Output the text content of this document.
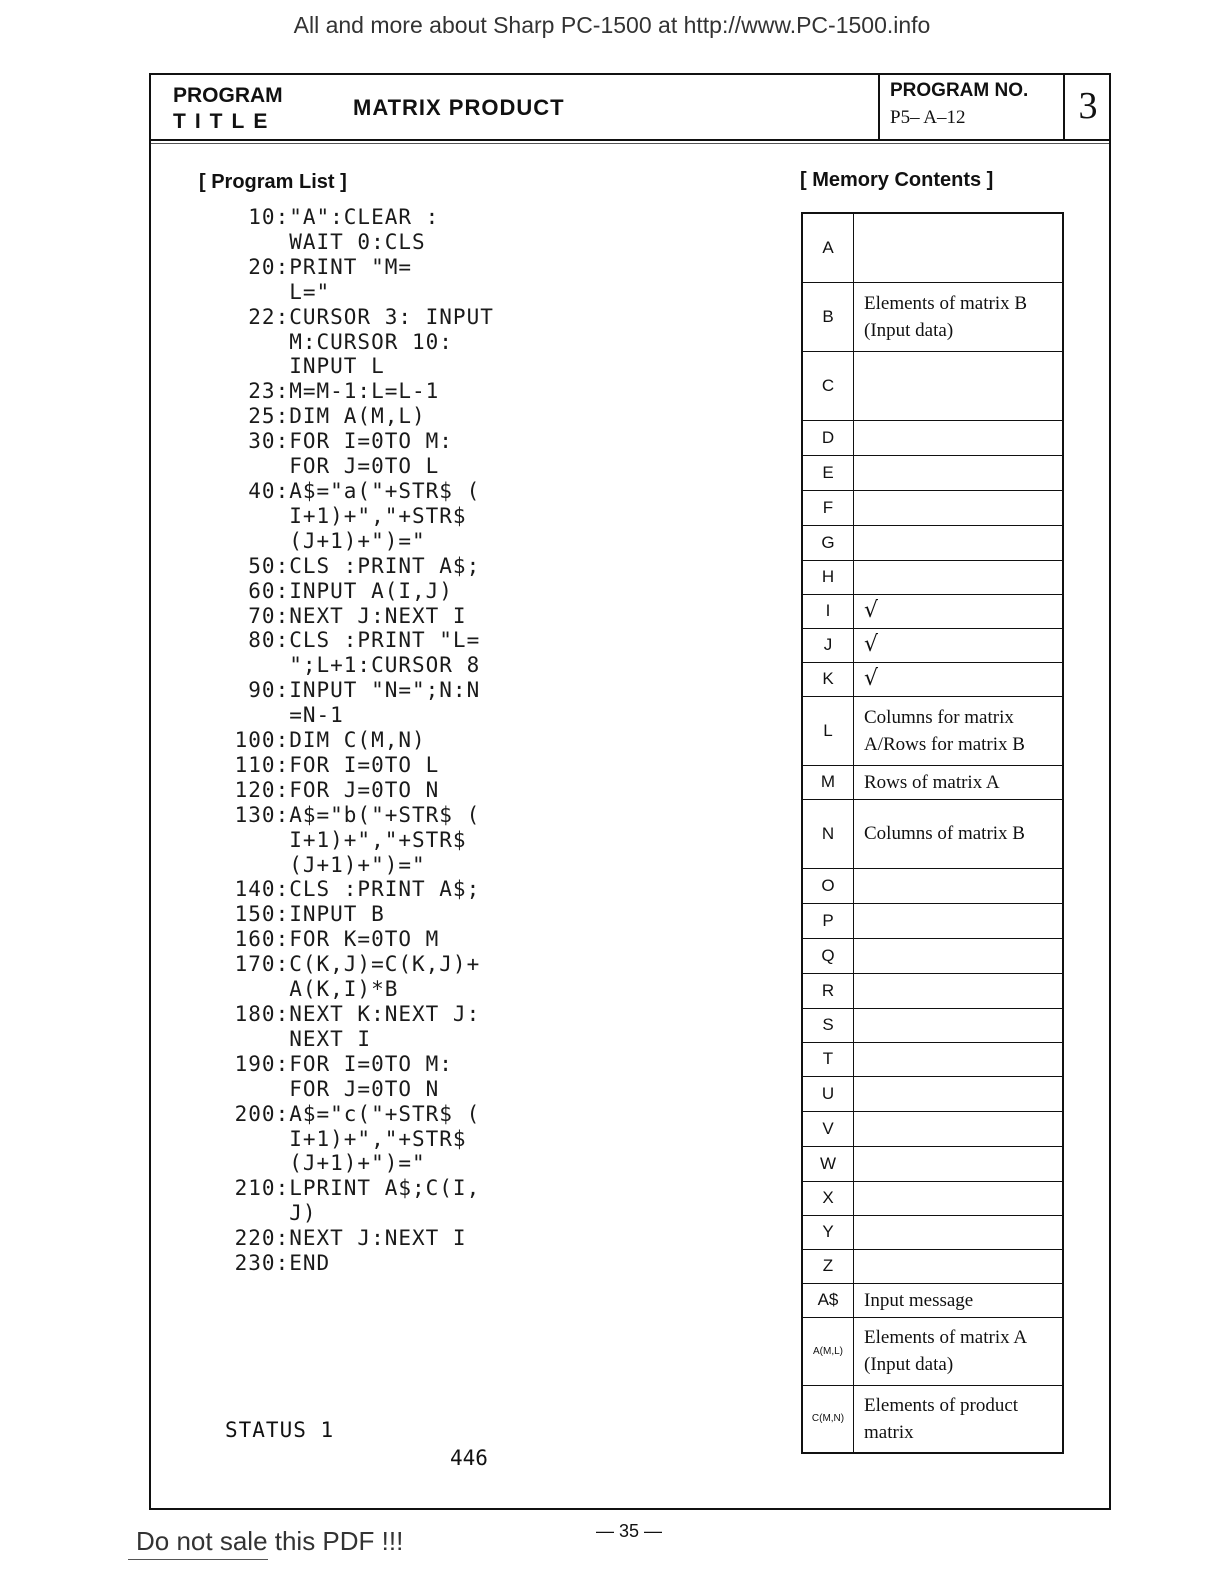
All and more about Sharp PC-1500 at http://www.PC-1500.info
PROGRAM
TITLE
MATRIX PRODUCT
PROGRAM NO.
P5– A–12	3
[ Program List ]
10:"A":CLEAR :
WAIT 0:CLS
20:PRINT "M=
L="
22:CURSOR 3: INPUT
M:CURSOR 10:
INPUT L
23:M=M-1:L=L-1
25:DIM A(M,L)
30:FOR I=0TO M:
FOR J=0TO L
40:A$="a("+STR$ (
I+1)+","+STR$
(J+1)+")="
50:CLS :PRINT A$;
60:INPUT A(I,J)
70:NEXT J:NEXT I
80:CLS :PRINT "L=
";L+1:CURSOR 8
90:INPUT "N=";N:N
=N-1
100:DIM C(M,N)
110:FOR I=0TO L
120:FOR J=0TO N
130:A$="b("+STR$ (
I+1)+","+STR$
(J+1)+")="
140:CLS :PRINT A$;
150:INPUT B
160:FOR K=0TO M
170:C(K,J)=C(K,J)+
A(K,I)*B
180:NEXT K:NEXT J:
NEXT I
190:FOR I=0TO M:
FOR J=0TO N
200:A$="c("+STR$ (
I+1)+","+STR$
(J+1)+")="
210:LPRINT A$;C(I,
J)
220:NEXT J:NEXT I
230:END
STATUS 1
446
[ Memory Contents ]
A	
B	Elements of matrix B
(Input data)
C	
D	
E	
F	
G	
H	
I	√
J	√
K	√
L	Columns for matrix A/Rows for matrix B
M	Rows of matrix A
N	Columns of matrix B
O	
P	
Q	
R	
S	
T	
U	
V	
W	
X	
Y	
Z	
A$	Input message
A(M,L)	Elements of matrix A
(Input data)
C(M,N)	Elements of product matrix
Do not sale this PDF !!!	— 35 —
